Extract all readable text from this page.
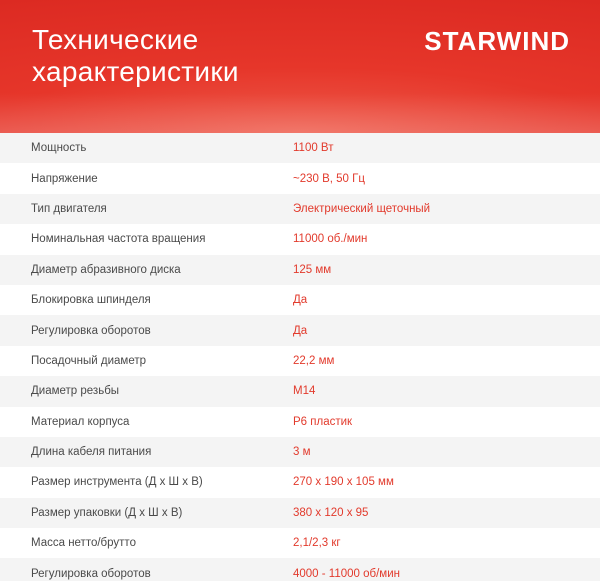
Технические
характеристики
STARWIND
Мощность	1100 Вт
Напряжение	~230 В, 50 Гц
Тип двигателя	Электрический щеточный
Номинальная частота вращения	11000 об./мин
Диаметр абразивного диска	125 мм
Блокировка шпинделя	Да
Регулировка оборотов	Да
Посадочный диаметр	22,2 мм
Диаметр резьбы	M14
Материал корпуса	P6 пластик
Длина кабеля питания	3 м
Размер инструмента (Д х Ш х В)	270 х 190 х 105 мм
Размер упаковки (Д х Ш х В)	380 х 120 х 95
Масса нетто/брутто	2,1/2,3 кг
Регулировка оборотов	4000 - 11000 об/мин
